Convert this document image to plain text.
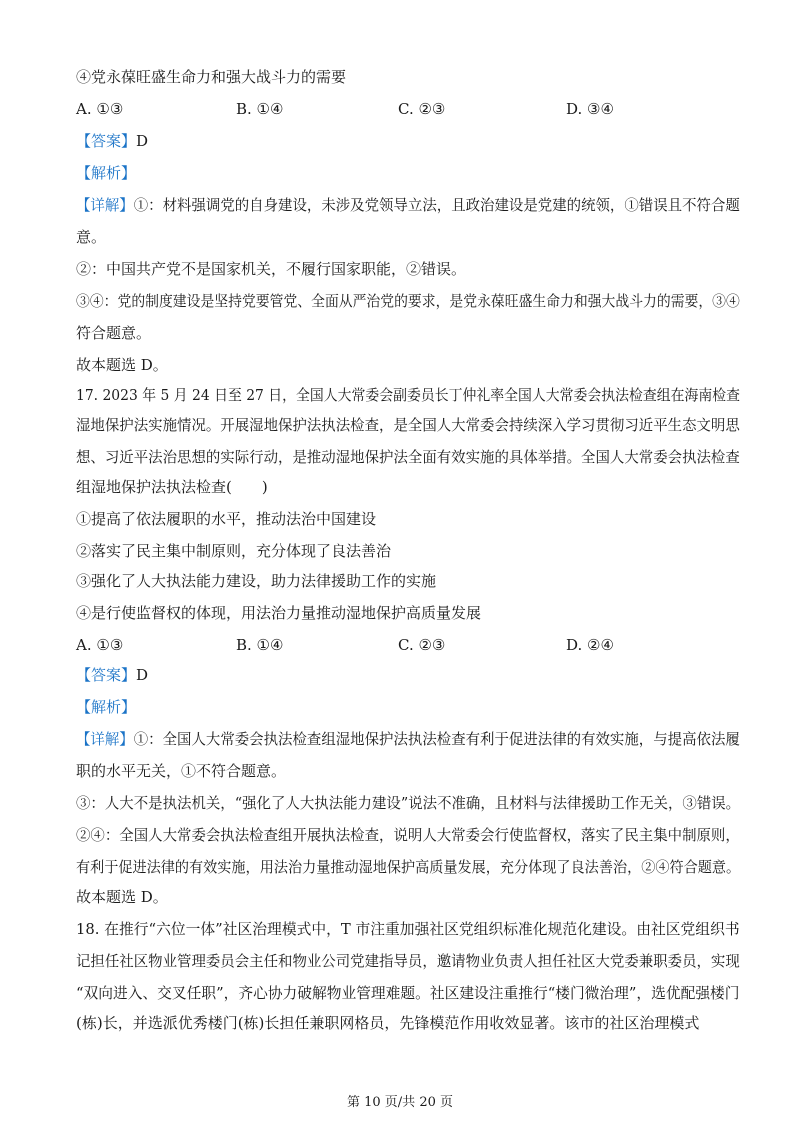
④党永葆旺盛生命力和强大战斗力的需要
A. ①③	B. ①④	C. ②③	D. ③④
【答案】D
【解析】
【详解】①：材料强调党的自身建设，未涉及党领导立法，且政治建设是党建的统领，①错误且不符合题
意。
②：中国共产党不是国家机关，不履行国家职能，②错误。
③④：党的制度建设是坚持党要管党、全面从严治党的要求，是党永葆旺盛生命力和强大战斗力的需要，③④
符合题意。
故本题选 D。
17. 2023 年 5 月 24 日至 27 日，全国人大常委会副委员长丁仲礼率全国人大常委会执法检查组在海南检查
湿地保护法实施情况。开展湿地保护法执法检查，是全国人大常委会持续深入学习贯彻习近平生态文明思
想、习近平法治思想的实际行动，是推动湿地保护法全面有效实施的具体举措。全国人大常委会执法检查
组湿地保护法执法检查(　　)
①提高了依法履职的水平，推动法治中国建设
②落实了民主集中制原则，充分体现了良法善治
③强化了人大执法能力建设，助力法律援助工作的实施
④是行使监督权的体现，用法治力量推动湿地保护高质量发展
A. ①③	B. ①④	C. ②③	D. ②④
【答案】D
【解析】
【详解】①：全国人大常委会执法检查组湿地保护法执法检查有利于促进法律的有效实施，与提高依法履
职的水平无关，①不符合题意。
③：人大不是执法机关，“强化了人大执法能力建设”说法不准确，且材料与法律援助工作无关，③错误。
②④：全国人大常委会执法检查组开展执法检查，说明人大常委会行使监督权，落实了民主集中制原则，
有利于促进法律的有效实施，用法治力量推动湿地保护高质量发展，充分体现了良法善治，②④符合题意。
故本题选 D。
18. 在推行“六位一体”社区治理模式中，T 市注重加强社区党组织标准化规范化建设。由社区党组织书
记担任社区物业管理委员会主任和物业公司党建指导员，邀请物业负责人担任社区大党委兼职委员，实现
“双向进入、交叉任职”，齐心协力破解物业管理难题。社区建设注重推行“楼门微治理”，选优配强楼门
(栋)长，并选派优秀楼门(栋)长担任兼职网格员，先锋模范作用收效显著。该市的社区治理模式
第 10 页/共 20 页
